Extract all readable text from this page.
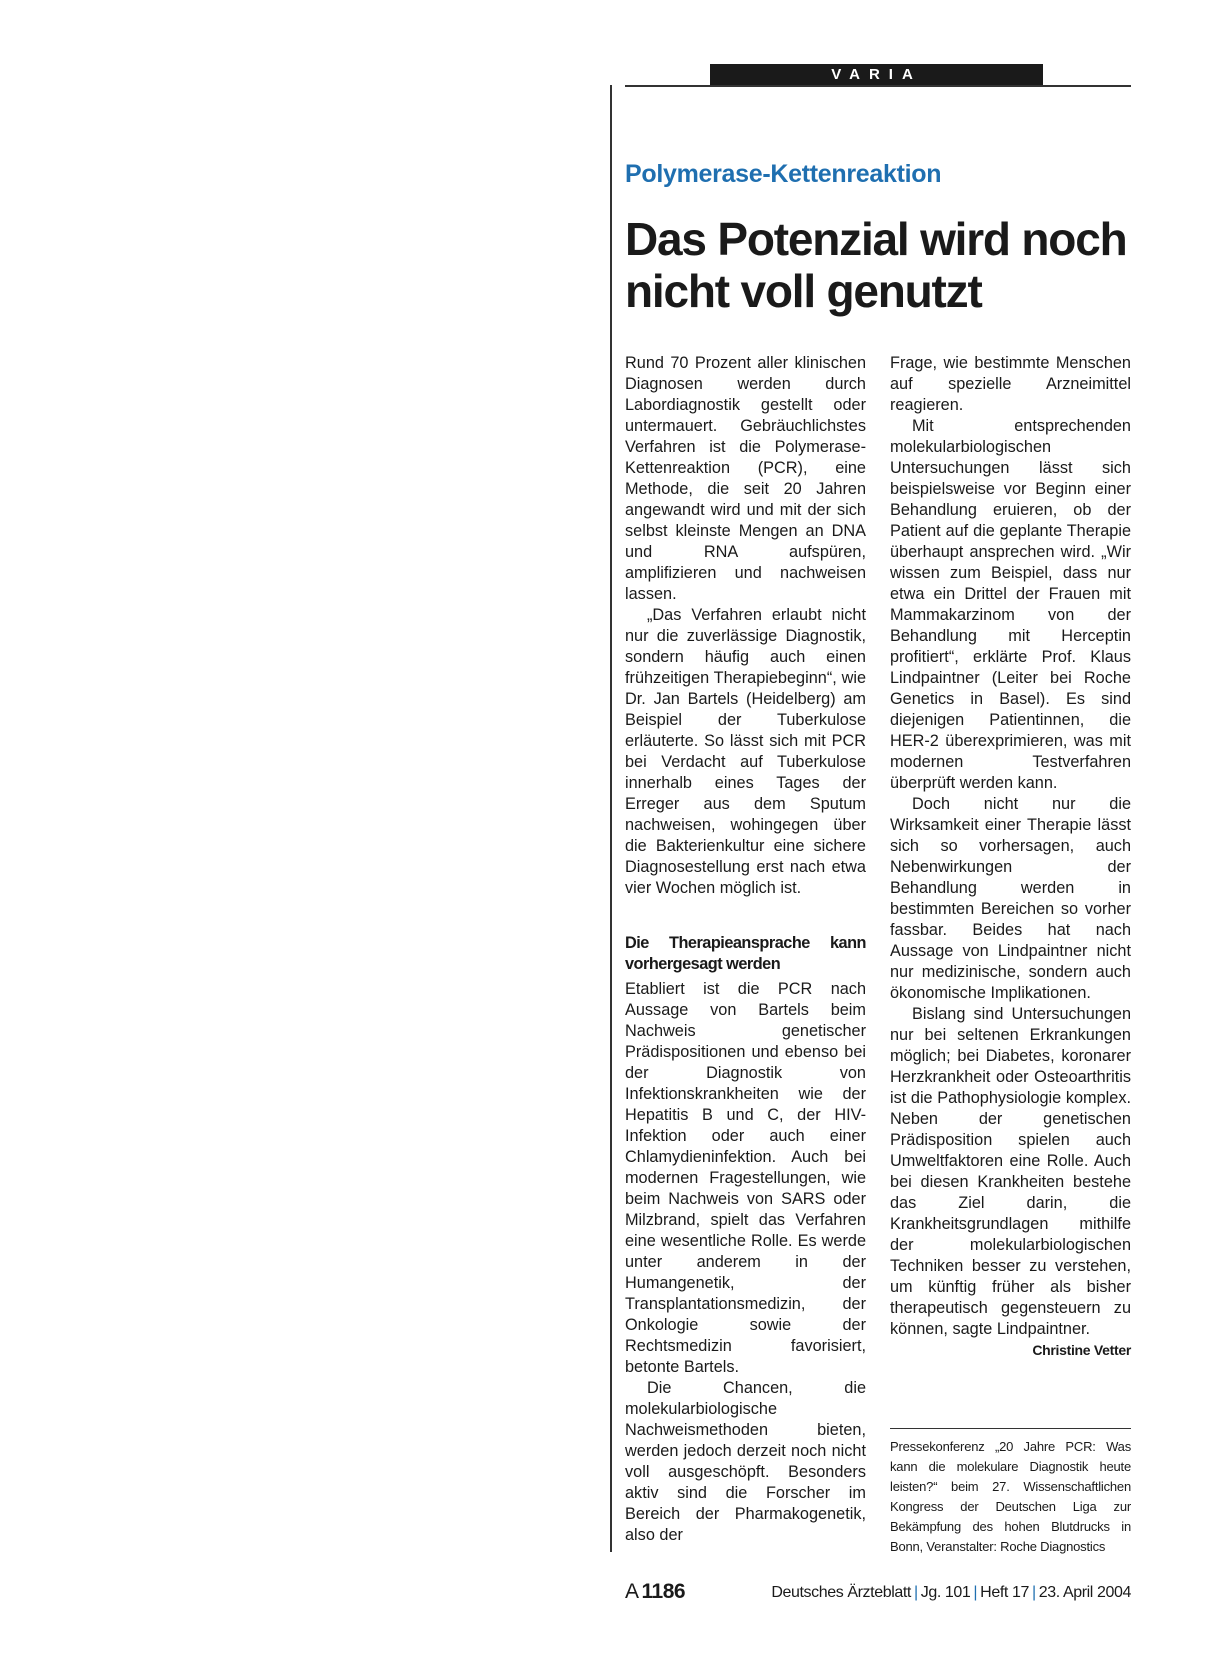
VARIA
Polymerase-Kettenreaktion
Das Potenzial wird noch nicht voll genutzt

Rund 70 Prozent aller klinischen Diagnosen werden durch Labordiagnostik gestellt oder untermauert. Gebräuchlichstes Verfahren ist die Polymerase-Kettenreaktion (PCR), eine Methode, die seit 20 Jahren angewandt wird und mit der sich selbst kleinste Mengen an DNA und RNA aufspüren, amplifizieren und nachweisen lassen.

„Das Verfahren erlaubt nicht nur die zuverlässige Diagnostik, sondern häufig auch einen frühzeitigen Therapiebeginn“, wie Dr. Jan Bartels (Heidelberg) am Beispiel der Tuberkulose erläuterte. So lässt sich mit PCR bei Verdacht auf Tuberkulose innerhalb eines Tages der Erreger aus dem Sputum nachweisen, wohingegen über die Bakterienkultur eine sichere Diagnosestellung erst nach etwa vier Wochen möglich ist.

Die Therapieansprache kann vorhergesagt werden

Etabliert ist die PCR nach Aussage von Bartels beim Nachweis genetischer Prädispositionen und ebenso bei der Diagnostik von Infektionskrankheiten wie der Hepatitis B und C, der HIV-Infektion oder auch einer Chlamydieninfektion. Auch bei modernen Fragestellungen, wie beim Nachweis von SARS oder Milzbrand, spielt das Verfahren eine wesentliche Rolle. Es werde unter anderem in der Humangenetik, der Transplantationsmedizin, der Onkologie sowie der Rechtsmedizin favorisiert, betonte Bartels.

Die Chancen, die molekularbiologische Nachweismethoden bieten, werden jedoch derzeit noch nicht voll ausgeschöpft. Besonders aktiv sind die Forscher im Bereich der Pharmakogenetik, also der

Frage, wie bestimmte Menschen auf spezielle Arzneimittel reagieren.

Mit entsprechenden molekularbiologischen Untersuchungen lässt sich beispielsweise vor Beginn einer Behandlung eruieren, ob der Patient auf die geplante Therapie überhaupt ansprechen wird. „Wir wissen zum Beispiel, dass nur etwa ein Drittel der Frauen mit Mammakarzinom von der Behandlung mit Herceptin profitiert“, erklärte Prof. Klaus Lindpaintner (Leiter bei Roche Genetics in Basel). Es sind diejenigen Patientinnen, die HER-2 überexprimieren, was mit modernen Testverfahren überprüft werden kann.

Doch nicht nur die Wirksamkeit einer Therapie lässt sich so vorhersagen, auch Nebenwirkungen der Behandlung werden in bestimmten Bereichen so vorher fassbar. Beides hat nach Aussage von Lindpaintner nicht nur medizinische, sondern auch ökonomische Implikationen.

Bislang sind Untersuchungen nur bei seltenen Erkrankungen möglich; bei Diabetes, koronarer Herzkrankheit oder Osteoarthritis ist die Pathophysiologie komplex. Neben der genetischen Prädisposition spielen auch Umweltfaktoren eine Rolle. Auch bei diesen Krankheiten bestehe das Ziel darin, die Krankheitsgrundlagen mithilfe der molekularbiologischen Techniken besser zu verstehen, um künftig früher als bisher therapeutisch gegensteuern zu können, sagte Lindpaintner.
Christine Vetter

Pressekonferenz „20 Jahre PCR: Was kann die molekulare Diagnostik heute leisten?“ beim 27. Wissenschaftlichen Kongress der Deutschen Liga zur Bekämpfung des hohen Blutdrucks in Bonn, Veranstalter: Roche Diagnostics
A 1186	Deutsches Ärzteblatt | Jg. 101 | Heft 17 | 23. April 2004
